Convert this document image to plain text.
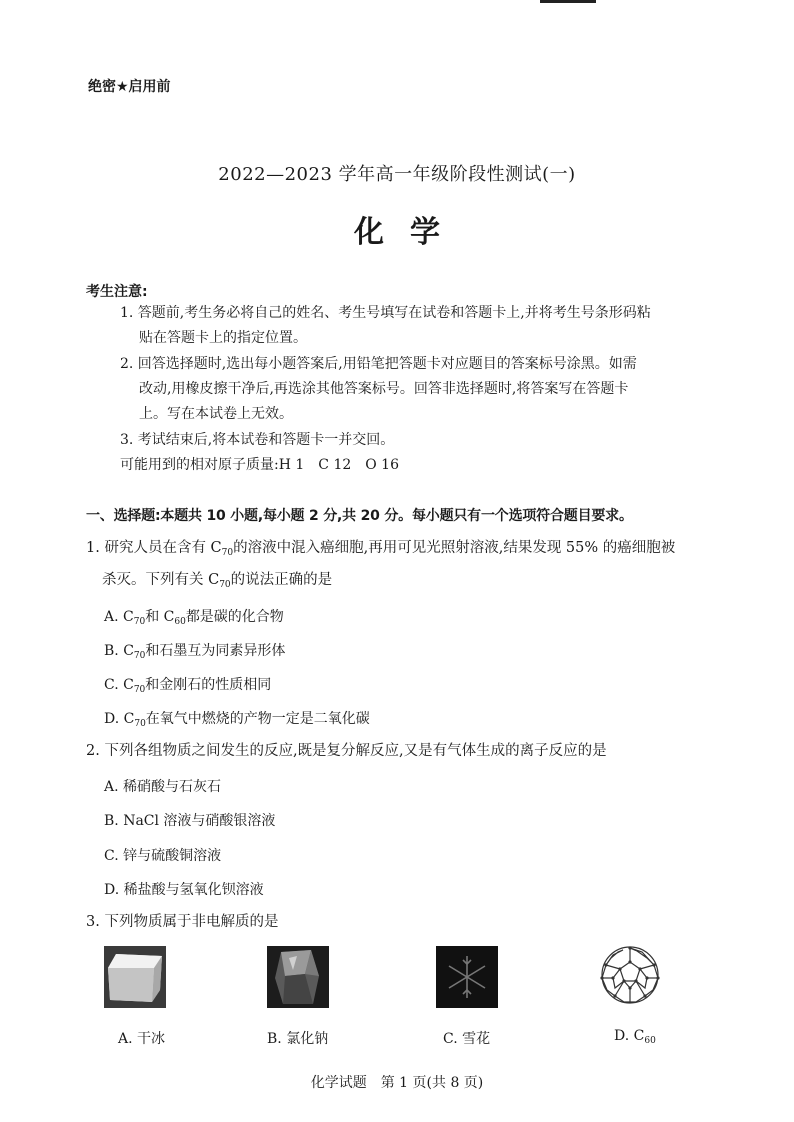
绝密★启用前
2022—2023 学年高一年级阶段性测试(一)
化学
考生注意:
1. 答题前,考生务必将自己的姓名、考生号填写在试卷和答题卡上,并将考生号条形码粘
贴在答题卡上的指定位置。
2. 回答选择题时,选出每小题答案后,用铅笔把答题卡对应题目的答案标号涂黑。如需
改动,用橡皮擦干净后,再选涂其他答案标号。回答非选择题时,将答案写在答题卡
上。写在本试卷上无效。
3. 考试结束后,将本试卷和答题卡一并交回。
可能用到的相对原子质量:H 1　C 12　O 16
一、选择题:本题共 10 小题,每小题 2 分,共 20 分。每小题只有一个选项符合题目要求。
1. 研究人员在含有 $C_{70}$的溶液中混入癌细胞,再用可见光照射溶液,结果发现 55% 的癌细胞被
杀灭。下列有关 $C_{70}$的说法正确的是
A. $C_{70}$和 $C_{60}$都是碳的化合物
B. $C_{70}$和石墨互为同素异形体
C. $C_{70}$和金刚石的性质相同
D. $C_{70}$在氧气中燃烧的产物一定是二氧化碳
2. 下列各组物质之间发生的反应,既是复分解反应,又是有气体生成的离子反应的是
A. 稀硝酸与石灰石
B. NaCl 溶液与硝酸银溶液
C. 锌与硫酸铜溶液
D. 稀盐酸与氢氧化钡溶液
3. 下列物质属于非电解质的是
A. 干冰	B. 氯化钠	C. 雪花	D. $C_{60}$
化学试题　第 1 页(共 8 页)
